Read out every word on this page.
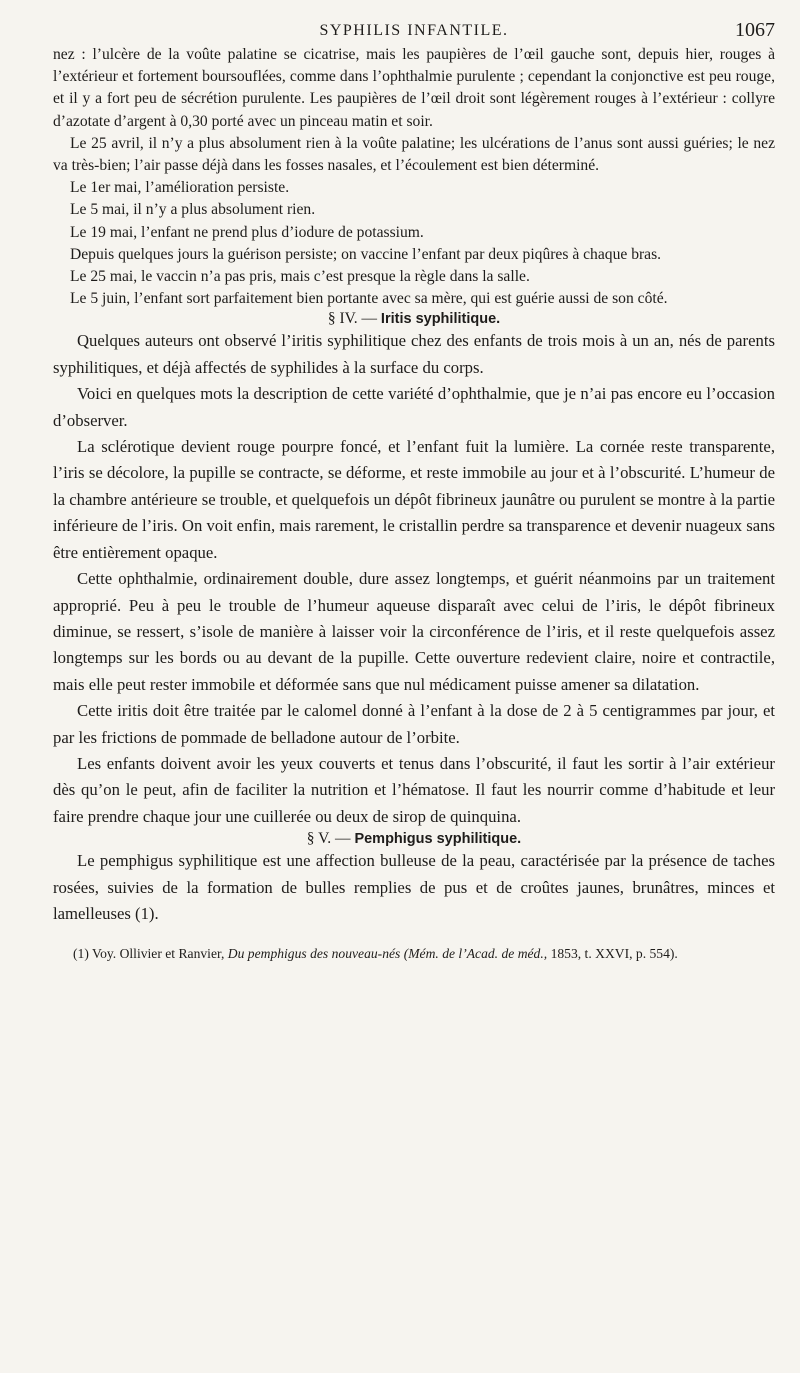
SYPHILIS INFANTILE.	1067

nez : l’ulcère de la voûte palatine se cicatrise, mais les paupières de l’œil gauche sont, depuis hier, rouges à l’extérieur et fortement boursouflées, comme dans l’ophthalmie purulente ; cependant la conjonctive est peu rouge, et il y a fort peu de sécrétion purulente. Les paupières de l’œil droit sont légèrement rouges à l’extérieur : collyre d’azotate d’argent à 0,30 porté avec un pinceau matin et soir.

Le 25 avril, il n’y a plus absolument rien à la voûte palatine; les ulcérations de l’anus sont aussi guéries; le nez va très-bien; l’air passe déjà dans les fosses nasales, et l’écoulement est bien déterminé.

Le 1er mai, l’amélioration persiste.

Le 5 mai, il n’y a plus absolument rien.

Le 19 mai, l’enfant ne prend plus d’iodure de potassium.

Depuis quelques jours la guérison persiste; on vaccine l’enfant par deux piqûres à chaque bras.

Le 25 mai, le vaccin n’a pas pris, mais c’est presque la règle dans la salle.

Le 5 juin, l’enfant sort parfaitement bien portante avec sa mère, qui est guérie aussi de son côté.

§ IV. — Iritis syphilitique.

Quelques auteurs ont observé l’iritis syphilitique chez des enfants de trois mois à un an, nés de parents syphilitiques, et déjà affectés de syphilides à la surface du corps.

Voici en quelques mots la description de cette variété d’ophthalmie, que je n’ai pas encore eu l’occasion d’observer.

La sclérotique devient rouge pourpre foncé, et l’enfant fuit la lumière. La cornée reste transparente, l’iris se décolore, la pupille se contracte, se déforme, et reste immobile au jour et à l’obscurité. L’humeur de la chambre antérieure se trouble, et quelquefois un dépôt fibrineux jaunâtre ou purulent se montre à la partie inférieure de l’iris. On voit enfin, mais rarement, le cristallin perdre sa transparence et devenir nuageux sans être entièrement opaque.

Cette ophthalmie, ordinairement double, dure assez longtemps, et guérit néanmoins par un traitement approprié. Peu à peu le trouble de l’humeur aqueuse disparaît avec celui de l’iris, le dépôt fibrineux diminue, se ressert, s’isole de manière à laisser voir la circonférence de l’iris, et il reste quelquefois assez longtemps sur les bords ou au devant de la pupille. Cette ouverture redevient claire, noire et contractile, mais elle peut rester immobile et déformée sans que nul médicament puisse amener sa dilatation.

Cette iritis doit être traitée par le calomel donné à l’enfant à la dose de 2 à 5 centigrammes par jour, et par les frictions de pommade de belladone autour de l’orbite.

Les enfants doivent avoir les yeux couverts et tenus dans l’obscurité, il faut les sortir à l’air extérieur dès qu’on le peut, afin de faciliter la nutrition et l’hématose. Il faut les nourrir comme d’habitude et leur faire prendre chaque jour une cuillerée ou deux de sirop de quinquina.

§ V. — Pemphigus syphilitique.

Le pemphigus syphilitique est une affection bulleuse de la peau, caractérisée par la présence de taches rosées, suivies de la formation de bulles remplies de pus et de croûtes jaunes, brunâtres, minces et lamelleuses (1).

(1) Voy. Ollivier et Ranvier, Du pemphigus des nouveau-nés (Mém. de l’Acad. de méd., 1853, t. XXVI, p. 554).
